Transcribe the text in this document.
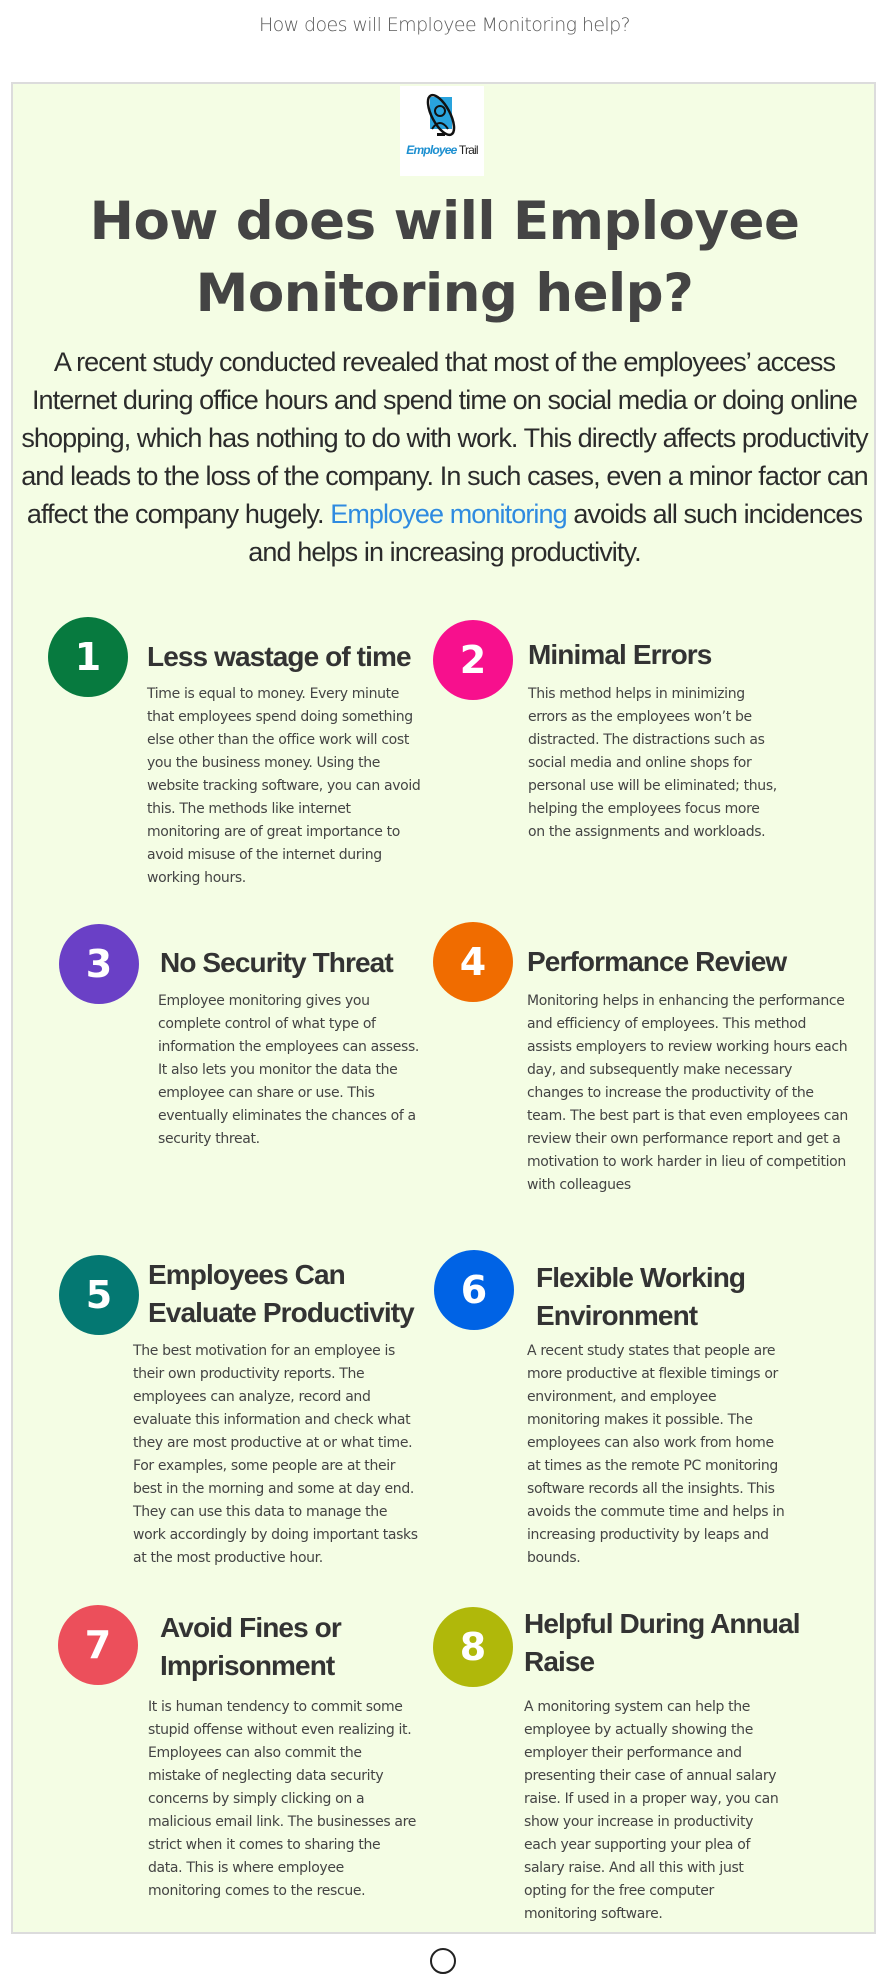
How does will Employee Monitoring help?
Employee Trail
How does will Employee
Monitoring help?
A recent study conducted revealed that most of the employees’ access Internet during office hours and spend time on social media or doing online shopping, which has nothing to do with work. This directly affects productivity and leads to the loss of the company. In such cases, even a minor factor can affect the company hugely. Employee monitoring avoids all such incidences and helps in increasing productivity.
1	Less wastage of time
Time is equal to money. Every minute that employees spend doing something else other than the office work will cost you the business money. Using the website tracking software, you can avoid this. The methods like internet monitoring are of great importance to avoid misuse of the internet during working hours.
2	Minimal Errors
This method helps in minimizing errors as the employees won’t be distracted. The distractions such as social media and online shops for personal use will be eliminated; thus, helping the employees focus more on the assignments and workloads.
3	No Security Threat
Employee monitoring gives you complete control of what type of information the employees can assess. It also lets you monitor the data the employee can share or use. This eventually eliminates the chances of a security threat.
4	Performance Review
Monitoring helps in enhancing the performance and efficiency of employees. This method assists employers to review working hours each day, and subsequently make necessary changes to increase the productivity of the team. The best part is that even employees can review their own performance report and get a motivation to work harder in lieu of competition with colleagues
5	Employees Can Evaluate Productivity
The best motivation for an employee is their own productivity reports. The employees can analyze, record and evaluate this information and check what they are most productive at or what time. For examples, some people are at their best in the morning and some at day end. They can use this data to manage the work accordingly by doing important tasks at the most productive hour.
6	Flexible Working Environment
A recent study states that people are more productive at flexible timings or environment, and employee monitoring makes it possible. The employees can also work from home at times as the remote PC monitoring software records all the insights. This avoids the commute time and helps in increasing productivity by leaps and bounds.
7	Avoid Fines or Imprisonment
It is human tendency to commit some stupid offense without even realizing it. Employees can also commit the mistake of neglecting data security concerns by simply clicking on a malicious email link. The businesses are strict when it comes to sharing the data. This is where employee monitoring comes to the rescue.
8
Helpful During Annual Raise
A monitoring system can help the employee by actually showing the employer their performance and presenting their case of annual salary raise. If used in a proper way, you can show your increase in productivity each year supporting your plea of salary raise. And all this with just opting for the free computer monitoring software.
